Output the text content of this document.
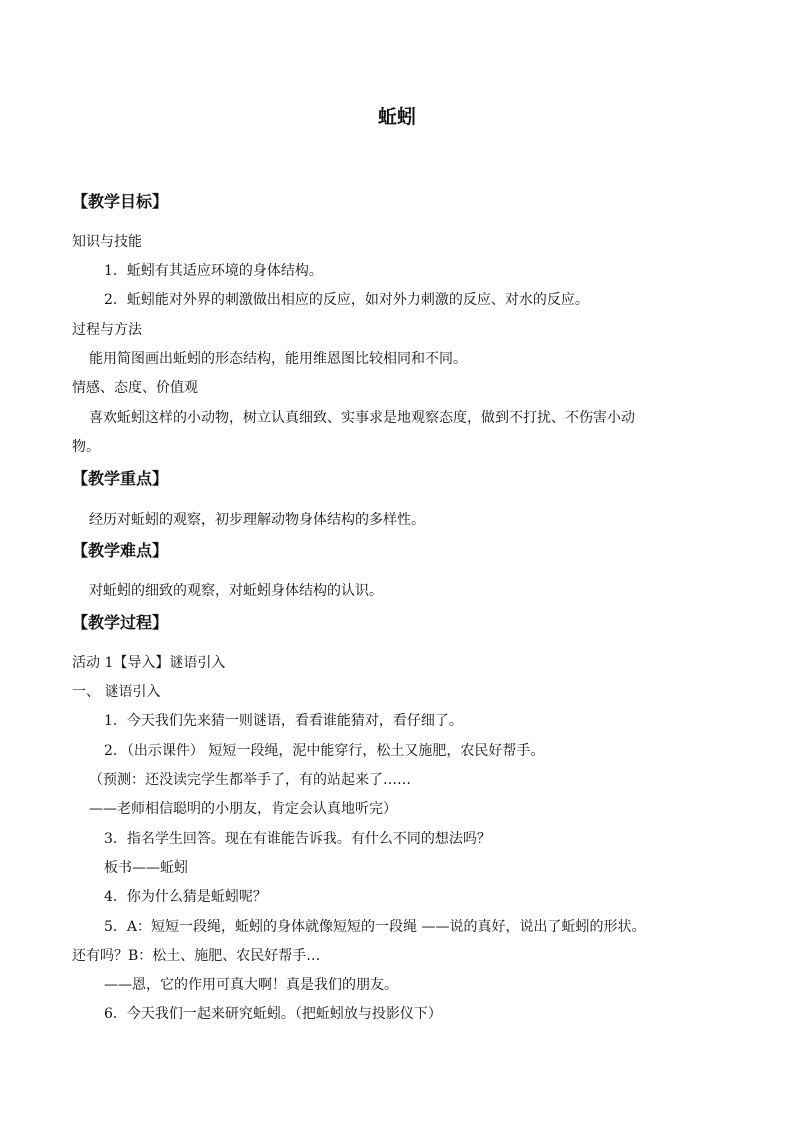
蚯蚓
【教学目标】
知识与技能
1．蚯蚓有其适应环境的身体结构。
2．蚯蚓能对外界的刺激做出相应的反应，如对外力刺激的反应、对水的反应。
过程与方法
能用简图画出蚯蚓的形态结构，能用维恩图比较相同和不同。
情感、态度、价值观
喜欢蚯蚓这样的小动物，树立认真细致、实事求是地观察态度，做到不打扰、不伤害小动
物。
【教学重点】
经历对蚯蚓的观察，初步理解动物身体结构的多样性。
【教学难点】
对蚯蚓的细致的观察，对蚯蚓身体结构的认识。
【教学过程】
活动 1【导入】谜语引入
一、 谜语引入
1．今天我们先来猜一则谜语，看看谁能猜对，看仔细了。
2．（出示课件） 短短一段绳，泥中能穿行，松土又施肥，农民好帮手。
（预测：还没读完学生都举手了，有的站起来了……
——老师相信聪明的小朋友，肯定会认真地听完）
3．指名学生回答。现在有谁能告诉我。有什么不同的想法吗？
板书——蚯蚓
4．你为什么猜是蚯蚓呢？
5．A：短短一段绳，蚯蚓的身体就像短短的一段绳 ——说的真好，说出了蚯蚓的形状。
还有吗？B：松土、施肥、农民好帮手…
——恩，它的作用可真大啊！真是我们的朋友。
6．今天我们一起来研究蚯蚓。（把蚯蚓放与投影仪下）
